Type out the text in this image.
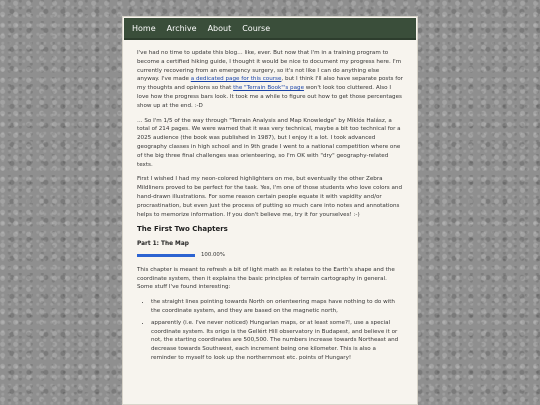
Home Archive About Course

I've had no time to update this blog… like, ever. But now that I'm in a training program to become a certified hiking guide, I thought it would be nice to document my progress here. I'm currently recovering from an emergency surgery, so it's not like I can do anything else anyway. I've made a dedicated page for this course, but I think I'll also have separate posts for my thoughts and opinions so that the "Terrain Book"'s page won't look too cluttered. Also I love how the progress bars look. It took me a while to figure out how to get those percentages show up at the end. :-D

… So I'm 1/5 of the way through "Terrain Analysis and Map Knowledge" by Miklós Halász, a total of 214 pages. We were warned that it was very technical, maybe a bit too technical for a 2025 audience (the book was published in 1987), but I enjoy it a lot. I took advanced geography classes in high school and in 9th grade I went to a national competition where one of the big three final challenges was orienteering, so I'm OK with "dry" geography-related texts.

First I wished I had my neon-colored highlighters on me, but eventually the other Zebra Mildliners proved to be perfect for the task. Yes, I'm one of those students who love colors and hand-drawn illustrations. For some reason certain people equate it with vapidity and/or procrastination, but even just the process of putting so much care into notes and annotations helps to memorize information. If you don't believe me, try it for yourselves! :-)

The First Two Chapters
Part 1: The Map
100.00%

This chapter is meant to refresh a bit of light math as it relates to the Earth's shape and the coordinate system, then it explains the basic principles of terrain cartography in general. Some stuff I've found interesting:

• the straight lines pointing towards North on orienteering maps have nothing to do with the coordinate system, and they are based on the magnetic north,
• apparently (i.e. I've never noticed) Hungarian maps, or at least some?!, use a special coordinate system. Its origo is the Gellért Hill observatory in Budapest, and believe it or not, the starting coordinates are 500,500. The numbers increase towards Northeast and decrease towards Southwest, each increment being one kilometer. This is also a reminder to myself to look up the northernmost etc. points of Hungary!
